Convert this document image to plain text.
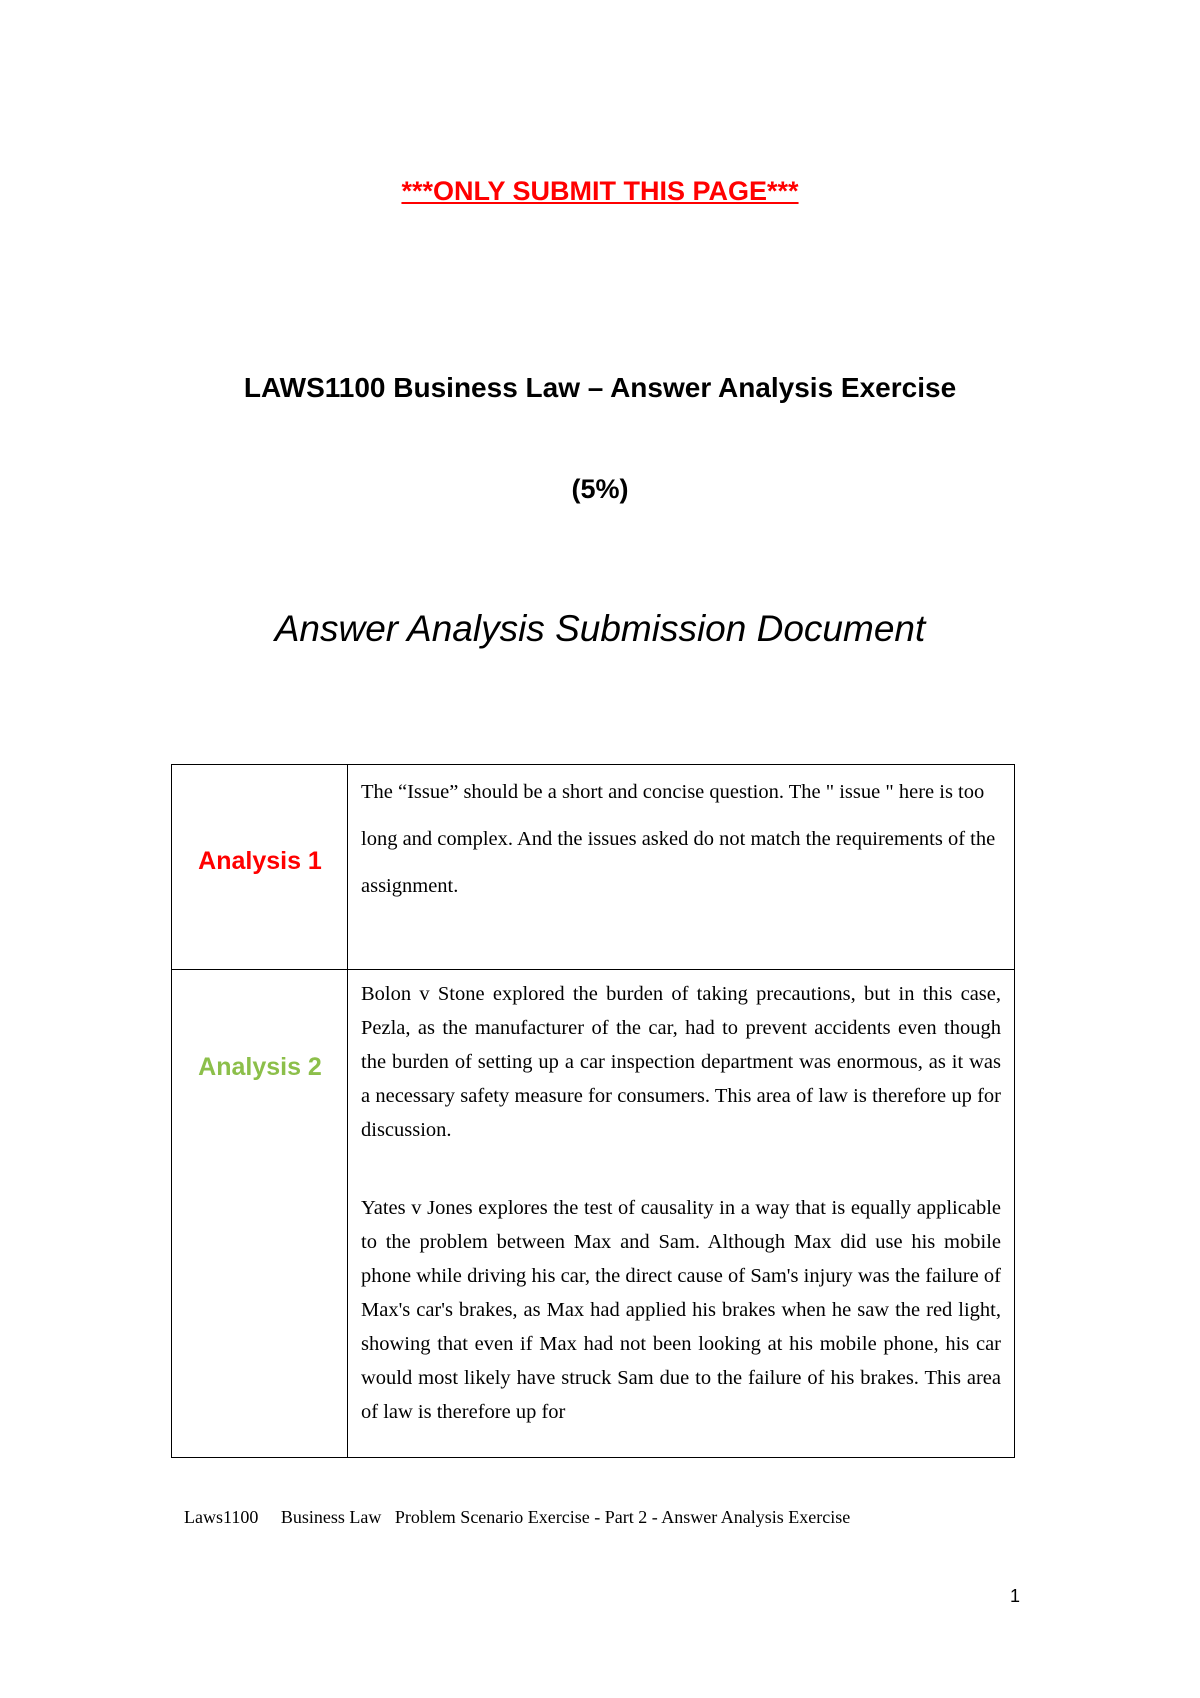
***ONLY SUBMIT THIS PAGE***
LAWS1100 Business Law – Answer Analysis Exercise
(5%)
Answer Analysis Submission Document
Analysis 1

The “Issue” should be a short and concise question. The " issue " here is too long and complex. And the issues asked do not match the requirements of the assignment.

Analysis 2

Bolon v Stone explored the burden of taking precautions, but in this case, Pezla, as the manufacturer of the car, had to prevent accidents even though the burden of setting up a car inspection department was enormous, as it was a necessary safety measure for consumers. This area of law is therefore up for discussion.

Yates v Jones explores the test of causality in a way that is equally applicable to the problem between Max and Sam. Although Max did use his mobile phone while driving his car, the direct cause of Sam's injury was the failure of Max's car's brakes, as Max had applied his brakes when he saw the red light, showing that even if Max had not been looking at his mobile phone, his car would most likely have struck Sam due to the failure of his brakes. This area of law is therefore up for

Laws1100     Business Law   Problem Scenario Exercise - Part 2 - Answer Analysis Exercise
1
